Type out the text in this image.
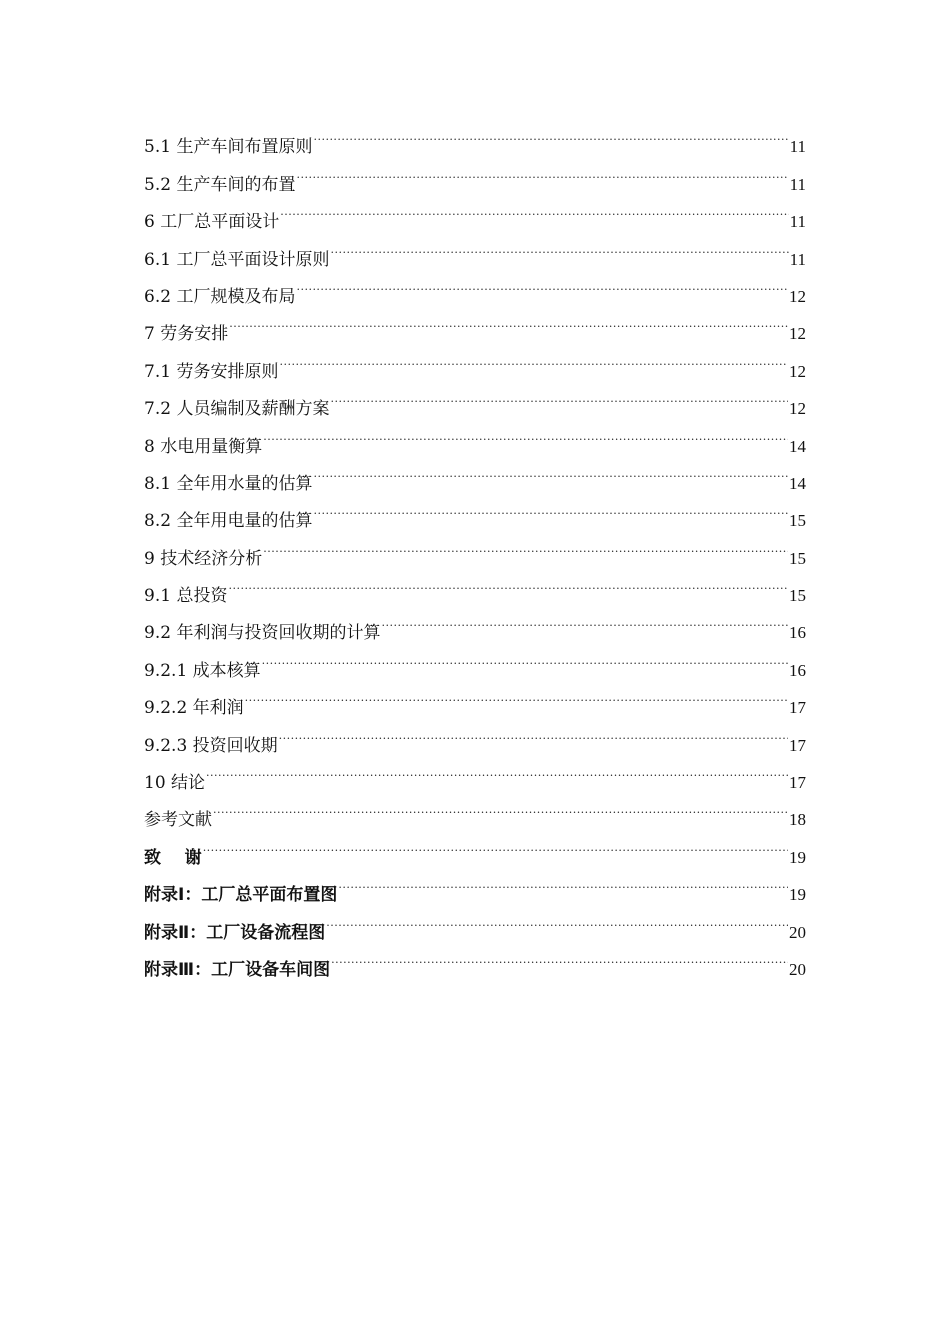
5.1 生产车间布置原则 .....	11
5.2 生产车间的布置 .....	11
6 工厂总平面设计 .....	11
6.1 工厂总平面设计原则 .....	11
6.2 工厂规模及布局 .....	12
7 劳务安排 .....	12
7.1 劳务安排原则 .....	12
7.2 人员编制及薪酬方案 .....	12
8 水电用量衡算 .....	14
8.1 全年用水量的估算 .....	14
8.2 全年用电量的估算 .....	15
9 技术经济分析 .....	15
9.1 总投资 .....	15
9.2 年利润与投资回收期的计算 .....	16
9.2.1 成本核算 .....	16
9.2.2 年利润 .....	17
9.2.3 投资回收期 .....	17
10 结论 .....	17
参考文献 .....	18
致    谢 .....	19
附录Ⅰ：工厂总平面布置图 .....	19
附录Ⅱ：工厂设备流程图 .....	20
附录Ⅲ：工厂设备车间图 .....	20
